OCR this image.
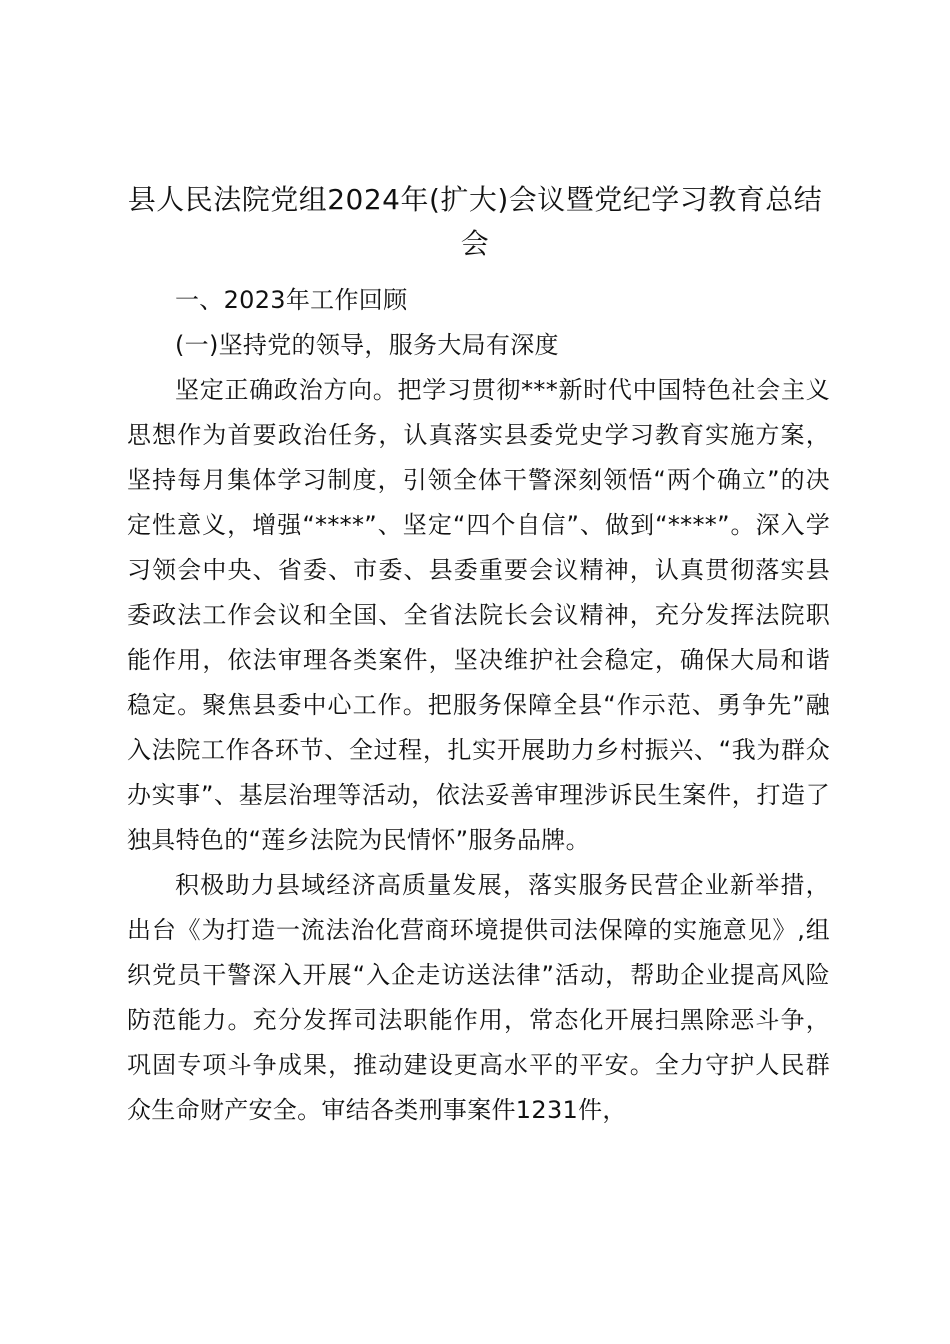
县人民法院党组2024年(扩大)会议暨党纪学习教育总结会

一、2023年工作回顾

(一)坚持党的领导，服务大局有深度

坚定正确政治方向。把学习贯彻***新时代中国特色社会主义思想作为首要政治任务，认真落实县委党史学习教育实施方案，坚持每月集体学习制度，引领全体干警深刻领悟“两个确立”的决定性意义，增强“****”、坚定“四个自信”、做到“****”。深入学习领会中央、省委、市委、县委重要会议精神，认真贯彻落实县委政法工作会议和全国、全省法院长会议精神，充分发挥法院职能作用，依法审理各类案件，坚决维护社会稳定，确保大局和谐稳定。聚焦县委中心工作。把服务保障全县“作示范、勇争先”融入法院工作各环节、全过程，扎实开展助力乡村振兴、“我为群众办实事”、基层治理等活动，依法妥善审理涉诉民生案件，打造了独具特色的“莲乡法院为民情怀”服务品牌。

积极助力县域经济高质量发展，落实服务民营企业新举措，出台《为打造一流法治化营商环境提供司法保障的实施意见》,组织党员干警深入开展“入企走访送法律”活动，帮助企业提高风险防范能力。充分发挥司法职能作用，常态化开展扫黑除恶斗争，巩固专项斗争成果，推动建设更高水平的平安。全力守护人民群众生命财产安全。审结各类刑事案件1231件，
